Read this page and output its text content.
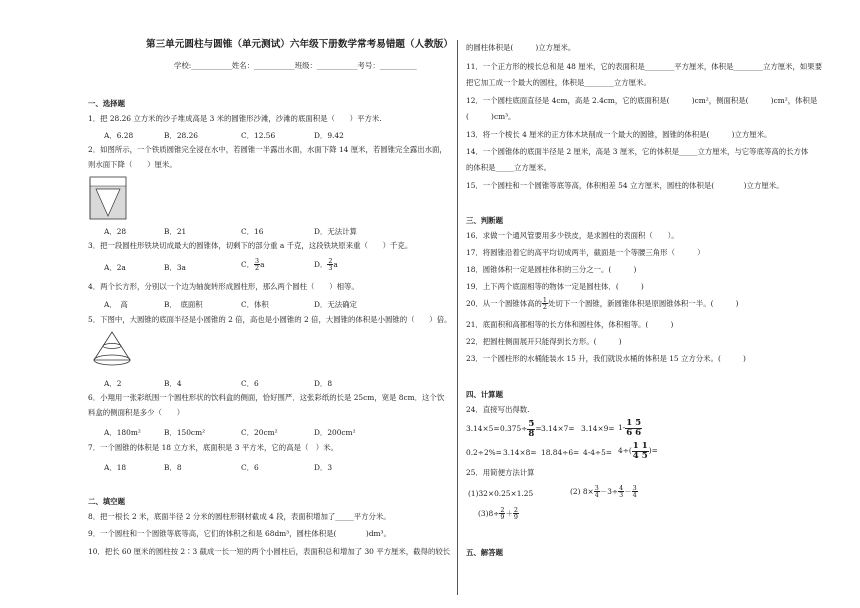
第三单元圆柱与圆锥（单元测试）六年级下册数学常考易错题（人教版）
学校:___________姓名：___________班级：___________考号：__________
一、选择题
1．把 28.26 立方米的沙子堆成高是 3 米的圆锥形沙滩，沙滩的底面积是（　　）平方米.
A．6.28	B．28.26	C．12.56	D．9.42
2．如图所示，一个铁质圆锥完全浸在水中，若圆锥一半露出水面，水面下降 14 厘米，若圆锥完全露出水面，
则水面下降（　　）厘米。
A．28	B．21	C．16	D．无法计算
3．把一段圆柱形铁块切成最大的圆锥体，切剩下的部分重 a 千克，这段铁块原来重（　　）千克。
A．2a	B．3a	C． $\frac{3}{2}$ a	D． $\frac{2}{3}$ a
4．两个长方形，分别以一个边为轴旋转形成圆柱形，那么两个圆柱（　　）相等。
A．　高	B．　底面积	C．体积	D．无法确定
5．下图中，大圆锥的底面半径是小圆锥的 2 倍，高也是小圆锥的 2 倍，大圆锥的体积是小圆锥的（　　）倍。
A．2	B．4	C．6	D．8
6．小翔用一张彩纸围一个圆柱形状的饮料盒的侧面，恰好围严．这张彩纸的长是 25cm，宽是 8cm．这个饮
料盒的侧面积是多少（　　）
A．180m²	B．150cm²	C．20cm²	D．200cm²
7．一个圆锥的体积是 18 立方米，底面积是 3 平方米，它的高是（　）米。
A．18	B．8	C．6	D．3
二、填空题
8．把一根长 2 米，底面半径 2 分米的圆柱形钢材截成 4 段，表面积增加了_____平方分米。
9．一个圆柱和一个圆锥等底等高，它们的体积之和是 68dm³，圆柱体积是(　　　　)dm³。
10．把长 60 厘米的圆柱按 2∶3 截成一长一短的两个小圆柱后，表面积总和增加了 30 平方厘米，截得的较长
的圆柱体积是(　　　)立方厘米。
11．一个正方形的棱长总和是 48 厘米，它的表面积是________平方厘米，体积是________立方厘米，如果要
把它加工成一个最大的圆柱，体积是________立方厘米。
12．一个圆柱底面直径是 4cm，高是 2.4cm，它的底面积是(　　　)cm²，侧面积是(　　　)cm²，体积是
(　　　)cm³。
13．将一个棱长 4 厘米的正方体木块削成一个最大的圆锥，圆锥的体积是(　　　)立方厘米。
14．一个圆锥体的底面半径是 2 厘米，高是 3 厘米，它的体积是_____立方厘米，与它等底等高的长方体
的体积是_____立方厘米。
15．一个圆柱和一个圆锥等底等高，体积相差 54 立方厘米，圆柱的体积是(　　　　)立方厘米。
三、判断题
16．求做一个通风管要用多少铁皮，是求圆柱的表面积（　　）。
17．将圆锥沿着它的高平均切成两半，截面是一个等腰三角形（　　　）
18．圆锥体积一定是圆柱体积的三分之一。(　　　)
19．上下两个底面相等的物体一定是圆柱体．(　　　)
20．从一个圆锥体高的 $\frac{1}{2}$ 处切下一个圆锥，新圆锥体积是原圆锥体积一半。(　　　)
21．底面积和高都相等的长方体和圆柱体，体积相等。(　　　)
22．把圆柱侧面展开只能得到长方形。(　　　)
23．一个圆柱形的水桶能装水 15 升，我们就说水桶的体积是 15 立方分米。(　　　)
四、计算题
24．直接写出得数.
$3.14\times 5= 0.375\div \frac{5}{8} = 3.14\times 7= 3.14\times 9= 1- \frac{1 5}{6 6}$
$0.2\div 2\%= 3.14\times 8= 18.84\div 6= 4-4\div 5= 4\div( \frac{1 1}{4 5}$ )=
25．用简便方法计算
(1)32×0.25×1.25	(2) $8\times \frac{3}{4} -3\div \frac{4}{3} - \frac{3}{4}$
$(3)8\div \frac{2}{9} + \frac{2}{9}$
五、解答题
